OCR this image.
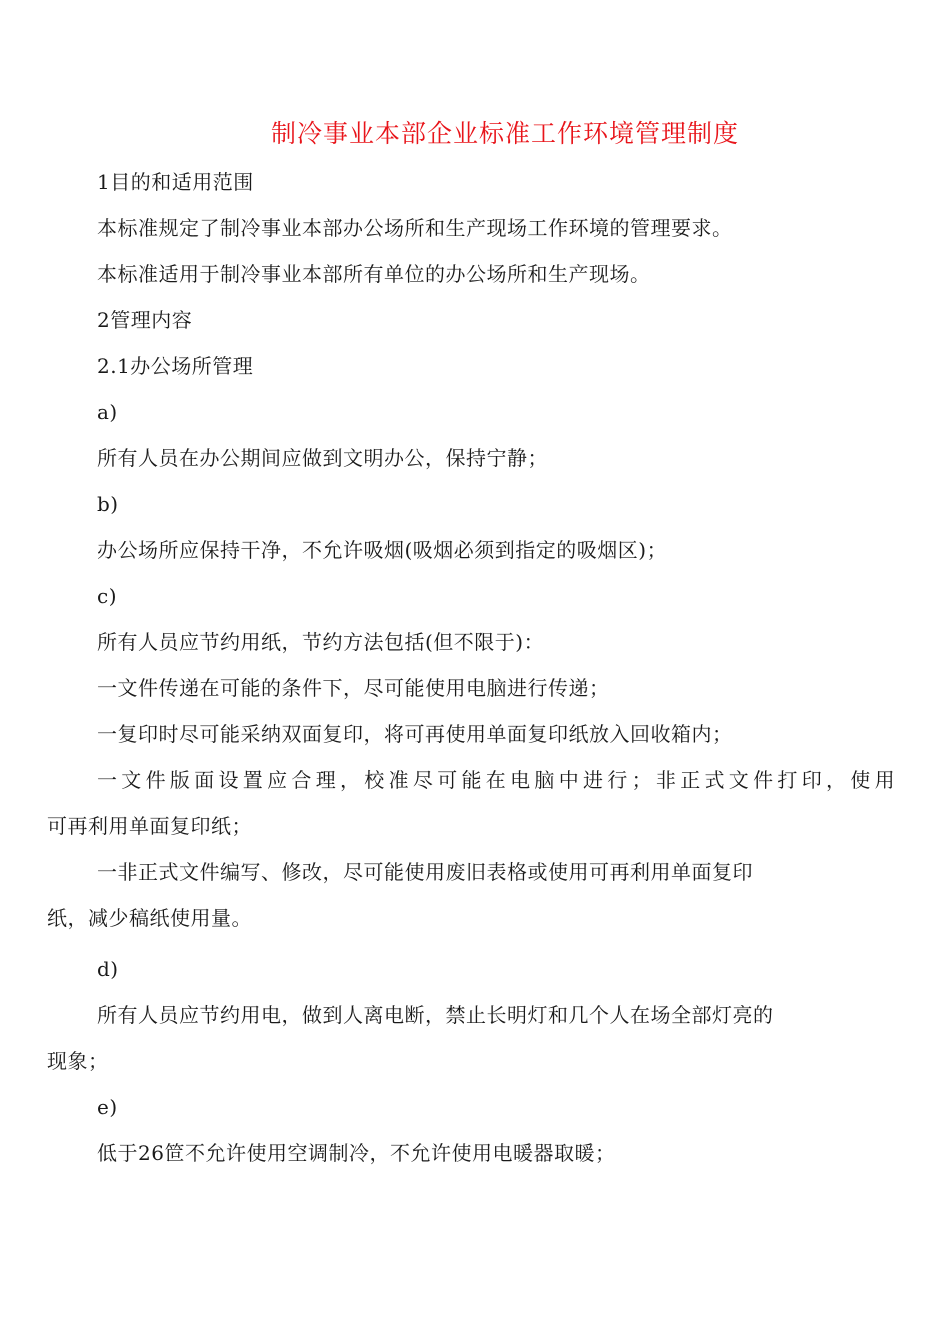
制冷事业本部企业标准工作环境管理制度
1目的和适用范围
本标准规定了制冷事业本部办公场所和生产现场工作环境的管理要求。
本标准适用于制冷事业本部所有单位的办公场所和生产现场。
2管理内容
2.1办公场所管理
a)
所有人员在办公期间应做到文明办公，保持宁静；
b)
办公场所应保持干净，不允许吸烟(吸烟必须到指定的吸烟区)；
c)
所有人员应节约用纸，节约方法包括(但不限于)：
一文件传递在可能的条件下，尽可能使用电脑进行传递；
一复印时尽可能采纳双面复印，将可再使用单面复印纸放入回收箱内；
一文件版面设置应合理，校准尽可能在电脑中进行；非正式文件打印，使用
可再利用单面复印纸；
一非正式文件编写、修改，尽可能使用废旧表格或使用可再利用单面复印
纸，减少稿纸使用量。
d)
所有人员应节约用电，做到人离电断，禁止长明灯和几个人在场全部灯亮的
现象；
e)
低于26笸不允许使用空调制冷，不允许使用电暖器取暖；
